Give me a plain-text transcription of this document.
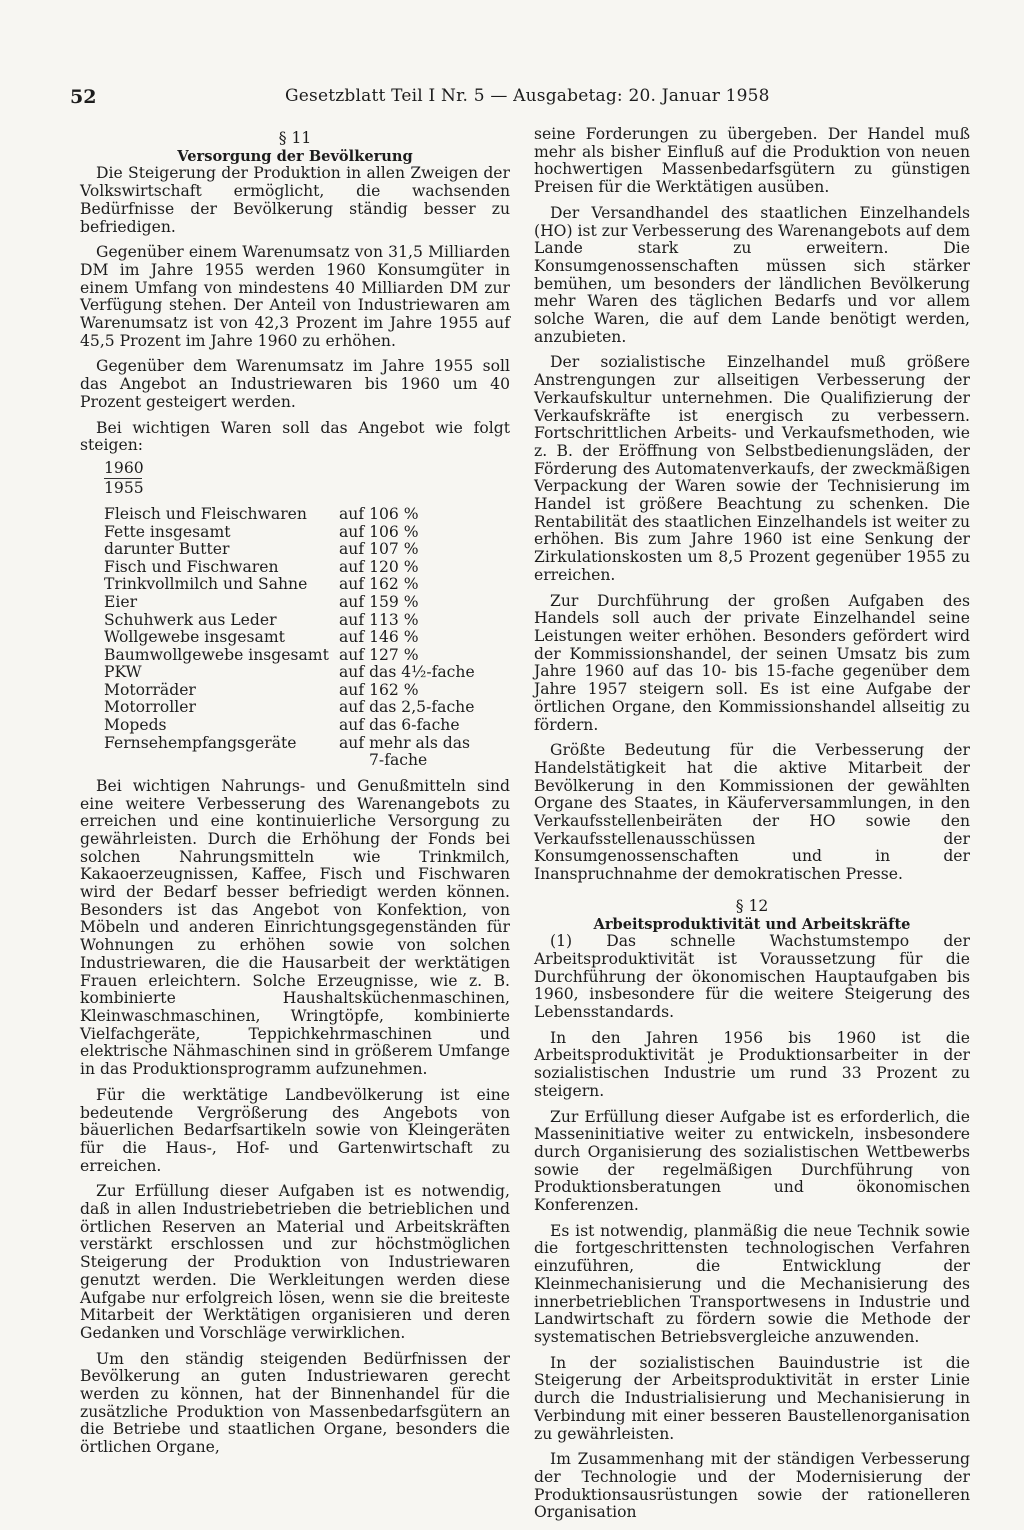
52	Gesetzblatt Teil I Nr. 5 — Ausgabetag: 20. Januar 1958

§ 11

Versorgung der Bevölkerung

Die Steigerung der Produktion in allen Zweigen der Volkswirtschaft ermöglicht, die wachsenden Bedürfnisse der Bevölkerung ständig besser zu befriedigen.

Gegenüber einem Warenumsatz von 31,5 Milliarden DM im Jahre 1955 werden 1960 Konsumgüter in einem Umfang von mindestens 40 Milliarden DM zur Verfügung stehen. Der Anteil von Industriewaren am Warenumsatz ist von 42,3 Prozent im Jahre 1955 auf 45,5 Prozent im Jahre 1960 zu erhöhen.

Gegenüber dem Warenumsatz im Jahre 1955 soll das Angebot an Industriewaren bis 1960 um 40 Prozent gesteigert werden.

Bei wichtigen Waren soll das Angebot wie folgt steigen:

1960
1955
Fleisch und Fleischwaren	auf 106 %
Fette insgesamt	auf 106 %
darunter Butter	auf 107 %
Fisch und Fischwaren	auf 120 %
Trinkvollmilch und Sahne	auf 162 %
Eier	auf 159 %
Schuhwerk aus Leder	auf 113 %
Wollgewebe insgesamt	auf 146 %
Baumwollgewebe insgesamt	auf 127 %
PKW	auf das 4½-fache
Motorräder	auf 162 %
Motorroller	auf das 2,5-fache
Mopeds	auf das 6-fache
Fernsehempfangsgeräte	auf mehr als das
7-fache

Bei wichtigen Nahrungs- und Genußmitteln sind eine weitere Verbesserung des Warenangebots zu erreichen und eine kontinuierliche Versorgung zu gewährleisten. Durch die Erhöhung der Fonds bei solchen Nahrungsmitteln wie Trinkmilch, Kakaoerzeugnissen, Kaffee, Fisch und Fischwaren wird der Bedarf besser befriedigt werden können. Besonders ist das Angebot von Konfektion, von Möbeln und anderen Einrichtungsgegenständen für Wohnungen zu erhöhen sowie von solchen Industriewaren, die die Hausarbeit der werktätigen Frauen erleichtern. Solche Erzeugnisse, wie z. B. kombinierte Haushaltsküchenmaschinen, Kleinwaschmaschinen, Wringtöpfe, kombinierte Vielfachgeräte, Teppichkehrmaschinen und elektrische Nähmaschinen sind in größerem Umfange in das Produktionsprogramm aufzunehmen.

Für die werktätige Landbevölkerung ist eine bedeutende Vergrößerung des Angebots von bäuerlichen Bedarfsartikeln sowie von Kleingeräten für die Haus-, Hof- und Gartenwirtschaft zu erreichen.

Zur Erfüllung dieser Aufgaben ist es notwendig, daß in allen Industriebetrieben die betrieblichen und örtlichen Reserven an Material und Arbeitskräften verstärkt erschlossen und zur höchstmöglichen Steigerung der Produktion von Industriewaren genutzt werden. Die Werkleitungen werden diese Aufgabe nur erfolgreich lösen, wenn sie die breiteste Mitarbeit der Werktätigen organisieren und deren Gedanken und Vorschläge verwirklichen.

Um den ständig steigenden Bedürfnissen der Bevölkerung an guten Industriewaren gerecht werden zu können, hat der Binnenhandel für die zusätzliche Produktion von Massenbedarfsgütern an die Betriebe und staatlichen Organe, besonders die örtlichen Organe,

seine Forderungen zu übergeben. Der Handel muß mehr als bisher Einfluß auf die Produktion von neuen hochwertigen Massenbedarfsgütern zu günstigen Preisen für die Werktätigen ausüben.

Der Versandhandel des staatlichen Einzelhandels (HO) ist zur Verbesserung des Warenangebots auf dem Lande stark zu erweitern. Die Konsumgenossenschaften müssen sich stärker bemühen, um besonders der ländlichen Bevölkerung mehr Waren des täglichen Bedarfs und vor allem solche Waren, die auf dem Lande benötigt werden, anzubieten.

Der sozialistische Einzelhandel muß größere Anstrengungen zur allseitigen Verbesserung der Verkaufskultur unternehmen. Die Qualifizierung der Verkaufskräfte ist energisch zu verbessern. Fortschrittlichen Arbeits- und Verkaufsmethoden, wie z. B. der Eröffnung von Selbstbedienungsläden, der Förderung des Automatenverkaufs, der zweckmäßigen Verpackung der Waren sowie der Technisierung im Handel ist größere Beachtung zu schenken. Die Rentabilität des staatlichen Einzelhandels ist weiter zu erhöhen. Bis zum Jahre 1960 ist eine Senkung der Zirkulationskosten um 8,5 Prozent gegenüber 1955 zu erreichen.

Zur Durchführung der großen Aufgaben des Handels soll auch der private Einzelhandel seine Leistungen weiter erhöhen. Besonders gefördert wird der Kommissionshandel, der seinen Umsatz bis zum Jahre 1960 auf das 10- bis 15-fache gegenüber dem Jahre 1957 steigern soll. Es ist eine Aufgabe der örtlichen Organe, den Kommissionshandel allseitig zu fördern.

Größte Bedeutung für die Verbesserung der Handelstätigkeit hat die aktive Mitarbeit der Bevölkerung in den Kommissionen der gewählten Organe des Staates, in Käuferversammlungen, in den Verkaufsstellenbeiräten der HO sowie den Verkaufsstellenausschüssen der Konsumgenossenschaften und in der Inanspruchnahme der demokratischen Presse.

§ 12

Arbeitsproduktivität und Arbeitskräfte

(1) Das schnelle Wachstumstempo der Arbeitsproduktivität ist Voraussetzung für die Durchführung der ökonomischen Hauptaufgaben bis 1960, insbesondere für die weitere Steigerung des Lebensstandards.

In den Jahren 1956 bis 1960 ist die Arbeitsproduktivität je Produktionsarbeiter in der sozialistischen Industrie um rund 33 Prozent zu steigern.

Zur Erfüllung dieser Aufgabe ist es erforderlich, die Masseninitiative weiter zu entwickeln, insbesondere durch Organisierung des sozialistischen Wettbewerbs sowie der regelmäßigen Durchführung von Produktionsberatungen und ökonomischen Konferenzen.

Es ist notwendig, planmäßig die neue Technik sowie die fortgeschrittensten technologischen Verfahren einzuführen, die Entwicklung der Kleinmechanisierung und die Mechanisierung des innerbetrieblichen Transportwesens in Industrie und Landwirtschaft zu fördern sowie die Methode der systematischen Betriebsvergleiche anzuwenden.

In der sozialistischen Bauindustrie ist die Steigerung der Arbeitsproduktivität in erster Linie durch die Industrialisierung und Mechanisierung in Verbindung mit einer besseren Baustellenorganisation zu gewährleisten.

Im Zusammenhang mit der ständigen Verbesserung der Technologie und der Modernisierung der Produktionsausrüstungen sowie der rationelleren Organisation
